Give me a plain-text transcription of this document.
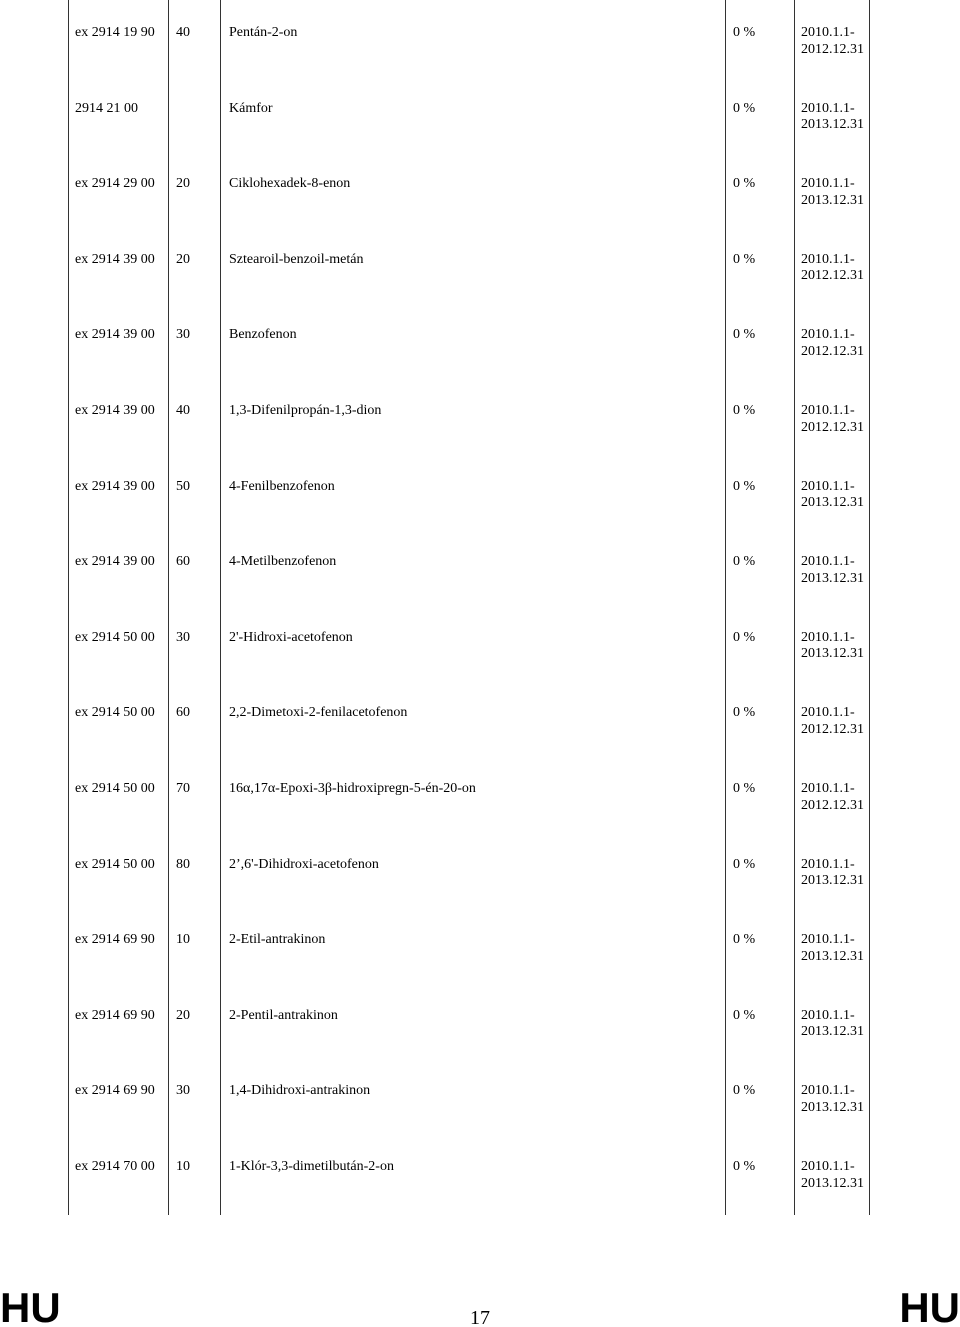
ex 2914 19 90 40	Pentán-2-on	0 %	2010.1.1-
2012.12.31
2914 21 00	Kámfor	0 %	2010.1.1-
2013.12.31
ex 2914 29 00 20	Ciklohexadek-8-enon	0 %	2010.1.1-
2013.12.31
ex 2914 39 00 20	Sztearoil-benzoil-metán	0 %	2010.1.1-
2012.12.31
ex 2914 39 00 30	Benzofenon	0 %	2010.1.1-
2012.12.31
ex 2914 39 00 40	1,3-Difenilpropán-1,3-dion	0 %	2010.1.1-
2012.12.31
ex 2914 39 00 50	4-Fenilbenzofenon	0 %	2010.1.1-
2013.12.31
ex 2914 39 00 60	4-Metilbenzofenon	0 %	2010.1.1-
2013.12.31
ex 2914 50 00 30	2'-Hidroxi-acetofenon	0 %	2010.1.1-
2013.12.31
ex 2914 50 00 60	2,2-Dimetoxi-2-fenilacetofenon	0 %	2010.1.1-
2012.12.31
ex 2914 50 00 70	16α,17α-Epoxi-3β-hidroxipregn-5-én-20-on	0 %	2010.1.1-
2012.12.31
ex 2914 50 00 80	2’,6'-Dihidroxi-acetofenon	0 %	2010.1.1-
2013.12.31
ex 2914 69 90 10	2-Etil-antrakinon	0 %	2010.1.1-
2013.12.31
ex 2914 69 90 20	2-Pentil-antrakinon	0 %	2010.1.1-
2013.12.31
ex 2914 69 90 30	1,4-Dihidroxi-antrakinon	0 %	2010.1.1-
2013.12.31
ex 2914 70 00 10	1-Klór-3,3-dimetilbután-2-on	0 %	2010.1.1-
2013.12.31
HU	17	HU
